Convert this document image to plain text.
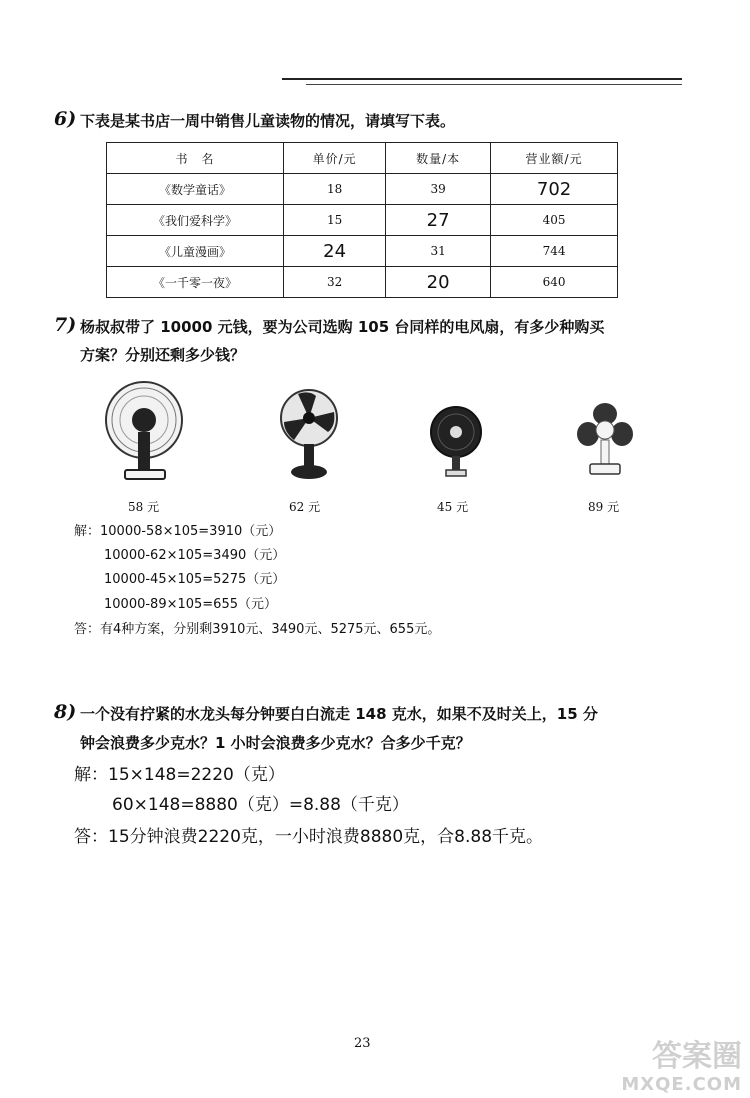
6) 下表是某书店一周中销售儿童读物的情况，请填写下表。
书　名	单价/元	数量/本	营业额/元
《数学童话》	18	39	702
《我们爱科学》	15	27	405
《儿童漫画》	24	31	744
《一千零一夜》	32	20	640
7) 杨叔叔带了 10000 元钱，要为公司选购 105 台同样的电风扇，有多少种购买
方案？分别还剩多少钱？
58 元	62 元	45 元	89 元
解：10000-58×105=3910（元）
10000-62×105=3490（元）
10000-45×105=5275（元）
10000-89×105=655（元）
答：有4种方案，分别剩3910元、3490元、5275元、655元。
8) 一个没有拧紧的水龙头每分钟要白白流走 148 克水，如果不及时关上，15 分
钟会浪费多少克水？1 小时会浪费多少克水？合多少千克？
解：15×148=2220（克）
60×148=8880（克）=8.88（千克）
答：15分钟浪费2220克，一小时浪费8880克，合8.88千克。
23	答案圈
MXQE.COM
